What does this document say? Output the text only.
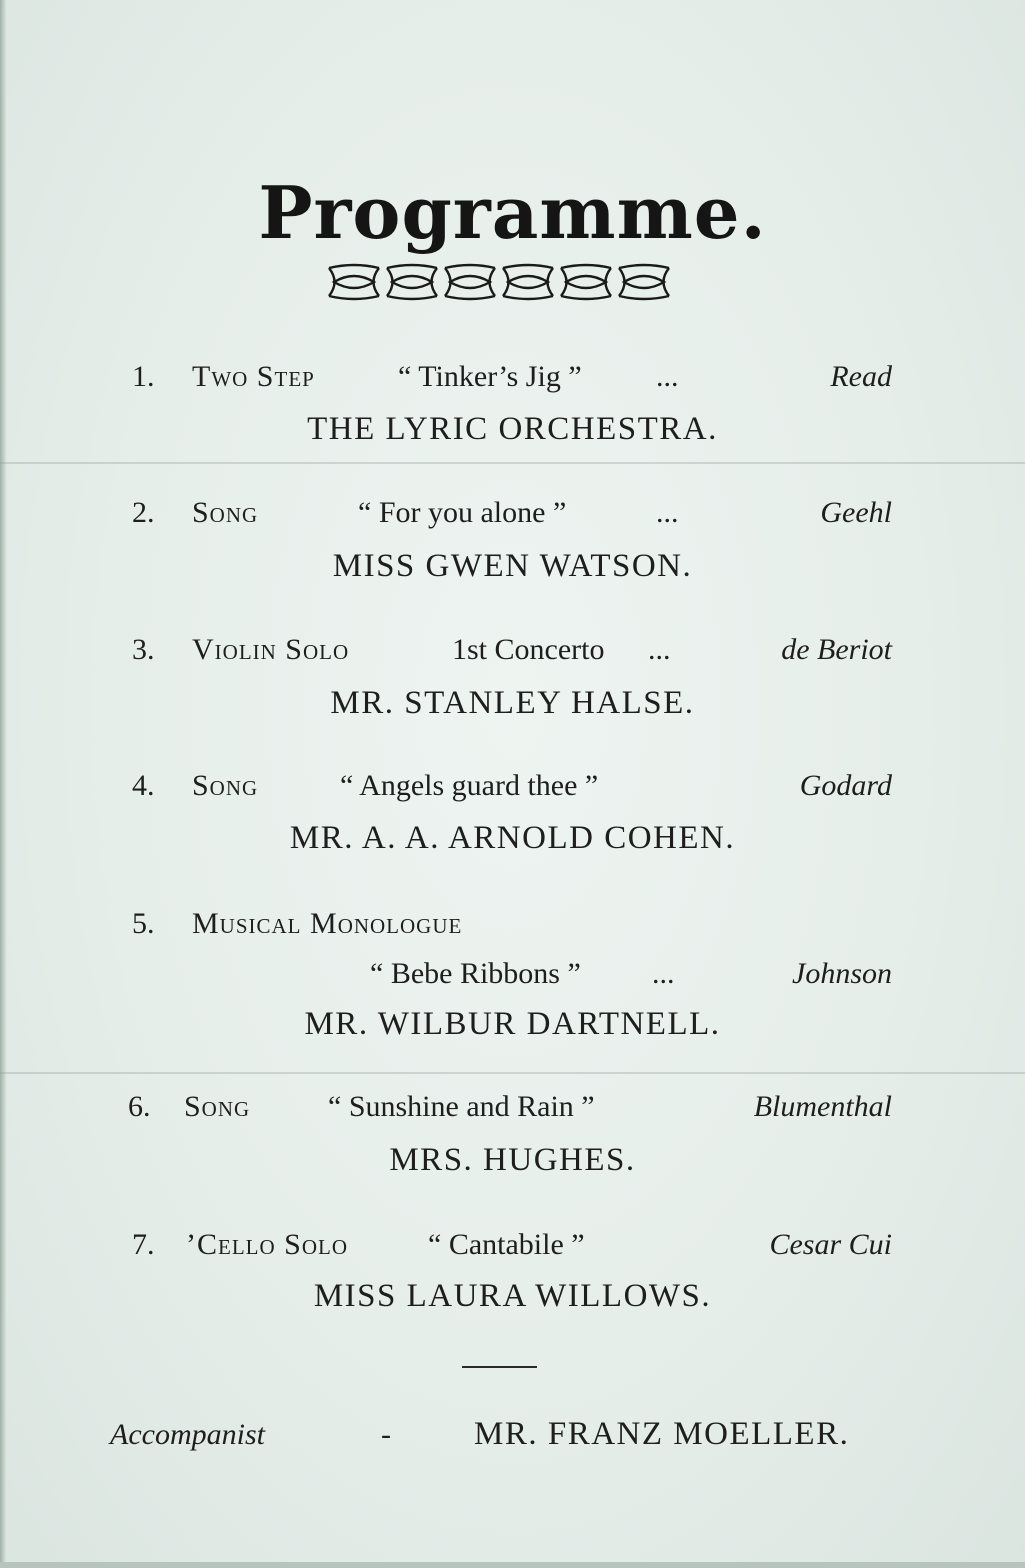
Programme.
1. Two Step	“ Tinker’s Jig ” ...	Read
THE LYRIC ORCHESTRA.
2. Song	“ For you alone ”	...	Geehl
MISS GWEN WATSON.
3. Violin Solo	1st Concerto ...	de Beriot
MR. STANLEY HALSE.
4. Song	“ Angels guard thee ”	Godard
MR. A. A. ARNOLD COHEN.
5. Musical Monologue
“ Bebe Ribbons ” ...	Johnson
MR. WILBUR DARTNELL.
6. Song	“ Sunshine and Rain ”	Blumenthal
MRS. HUGHES.
7. ’Cello Solo	“ Cantabile ”	Cesar Cui
MISS LAURA WILLOWS.
Accompanist	-	MR. FRANZ MOELLER.
